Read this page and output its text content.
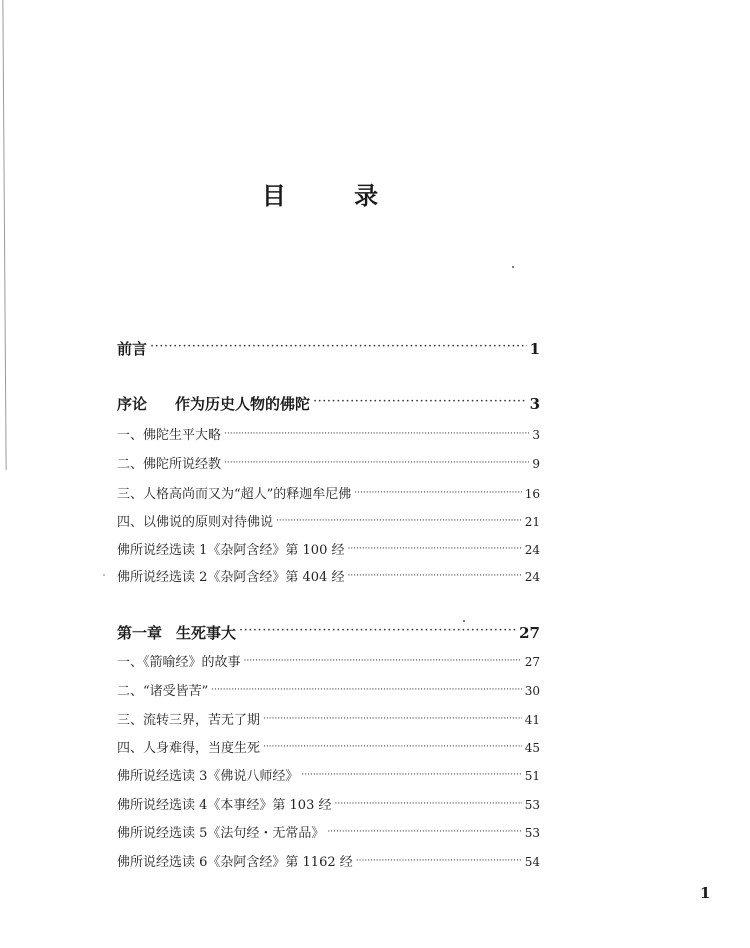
目 录
前言 ·····	1
序论 作为历史人物的佛陀 ·····	3
一、佛陀生平大略 ·····	3
二、佛陀所说经教 ·····	9
三、人格高尚而又为“超人”的释迦牟尼佛 ·····	16
四、以佛说的原则对待佛说 ·····	21
佛所说经选读 1《杂阿含经》第 100 经 ·····	24
佛所说经选读 2《杂阿含经》第 404 经 ·····	24
第一章 生死事大 ·····	27
一、《箭喻经》的故事 ·····	27
二、“诸受皆苦” ·····	30
三、流转三界，苦无了期 ·····	41
四、人身难得，当度生死 ·····	45
佛所说经选读 3《佛说八师经》 ·····	51
佛所说经选读 4《本事经》第 103 经 ·····	53
佛所说经选读 5《法句经・无常品》 ·····	53
佛所说经选读 6《杂阿含经》第 1162 经 ·····	54
1
